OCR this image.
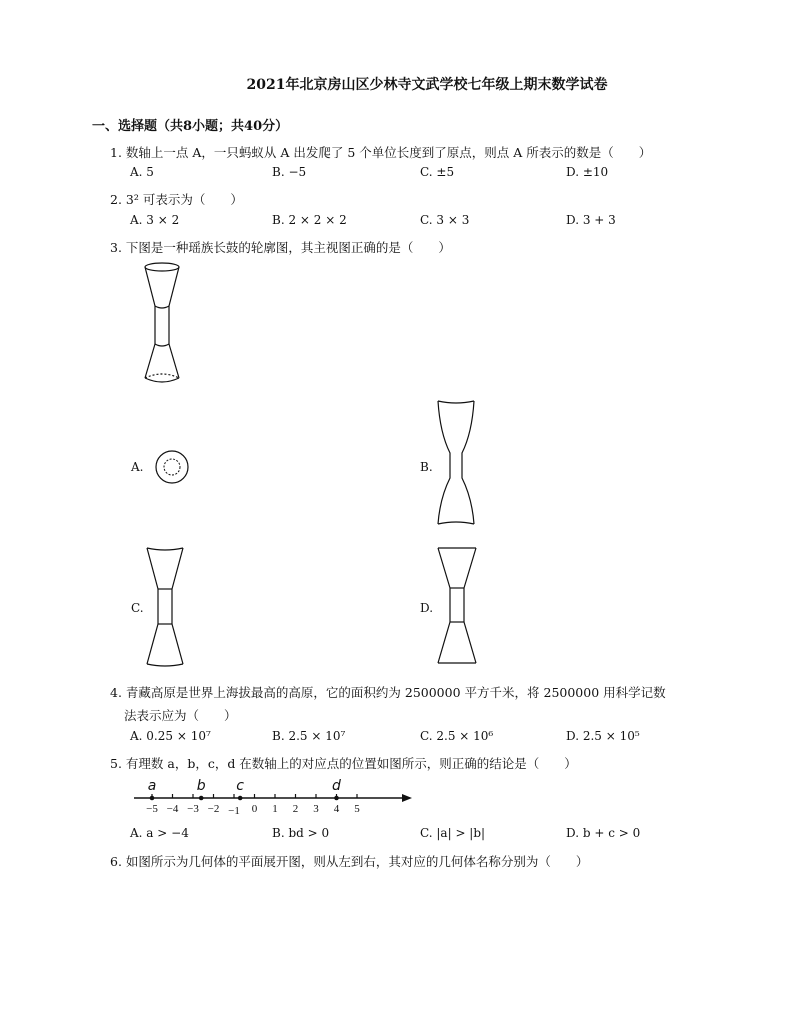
2021年北京房山区少林寺文武学校七年级上期末数学试卷
一、选择题（共8小题；共40分）
1. 数轴上一点 A，一只蚂蚁从 A 出发爬了 5 个单位长度到了原点，则点 A 所表示的数是（　　）
A. 5	B. −5	C. ±5	D. ±10
2. 3² 可表示为（　　）
A. 3 × 2	B. 2 × 2 × 2	C. 3 × 3	D. 3 + 3
3. 下图是一种瑶族长鼓的轮廓图，其主视图正确的是（　　）
A.	B.
C.	D.
4. 青藏高原是世界上海拔最高的高原，它的面积约为 2500000 平方千米，将 2500000 用科学记数
法表示应为（　　）
A. 0.25 × 10⁷	B. 2.5 × 10⁷	C. 2.5 × 10⁶	D. 2.5 × 10⁵
5. 有理数 a，b，c，d 在数轴上的对应点的位置如图所示，则正确的结论是（　　）
−5 −4 −3 −2 −1 0 1 2 3 4 5
a	b c	d
A. a > −4	B. bd > 0	C. |a| > |b|	D. b + c > 0
6. 如图所示为几何体的平面展开图，则从左到右，其对应的几何体名称分别为（　　）
